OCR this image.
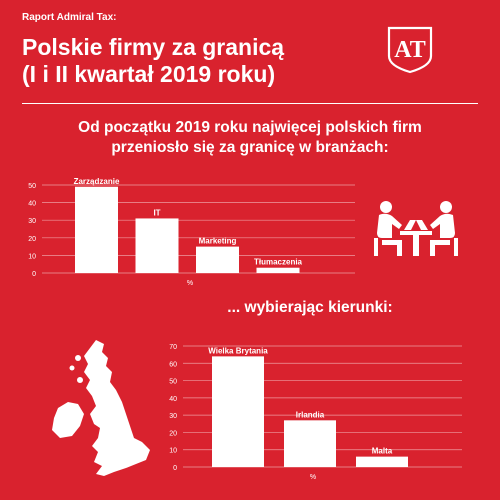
Raport Admiral Tax:
Polskie firmy za granicą
(I i II kwartał 2019 roku)
AT
Od początku 2019 roku najwięcej polskich firm
przeniosło się za granicę w branżach:
0
10
20
30
40
50
Zarządzanie
IT
Marketing
Tłumaczenia
%
... wybierając kierunki:
0
10
20
30
40
50
60
70	Wielka Brytania
Irlandia
Malta
%
